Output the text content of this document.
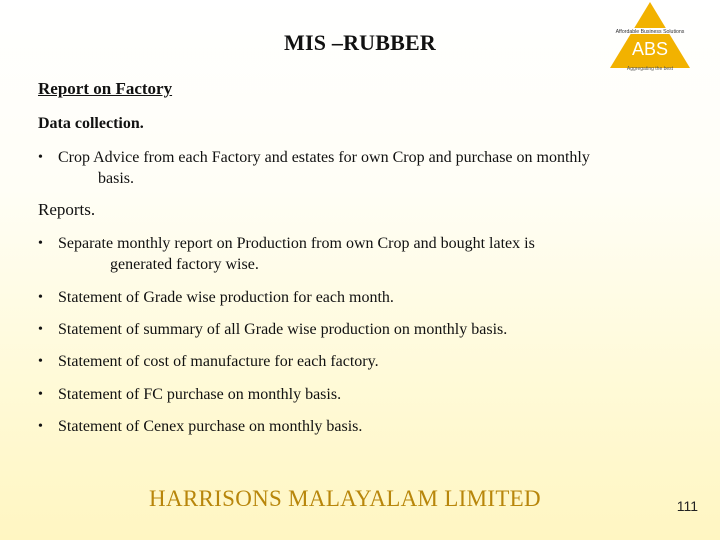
MIS –RUBBER	Affordable Business Solutions
ABS
Aggregating the best
Report on Factory
Data collection.
• Crop Advice from each Factory and estates for own Crop and purchase on monthly
basis.
Reports.
• Separate monthly report on Production from own Crop and bought latex is
generated factory wise.
• Statement of Grade wise production for each month.
• Statement of summary of all Grade wise production on monthly basis.
• Statement of cost of manufacture for each factory.
• Statement of FC purchase on monthly basis.
• Statement of Cenex purchase on monthly basis.
HARRISONS MALAYALAM LIMITED	111
